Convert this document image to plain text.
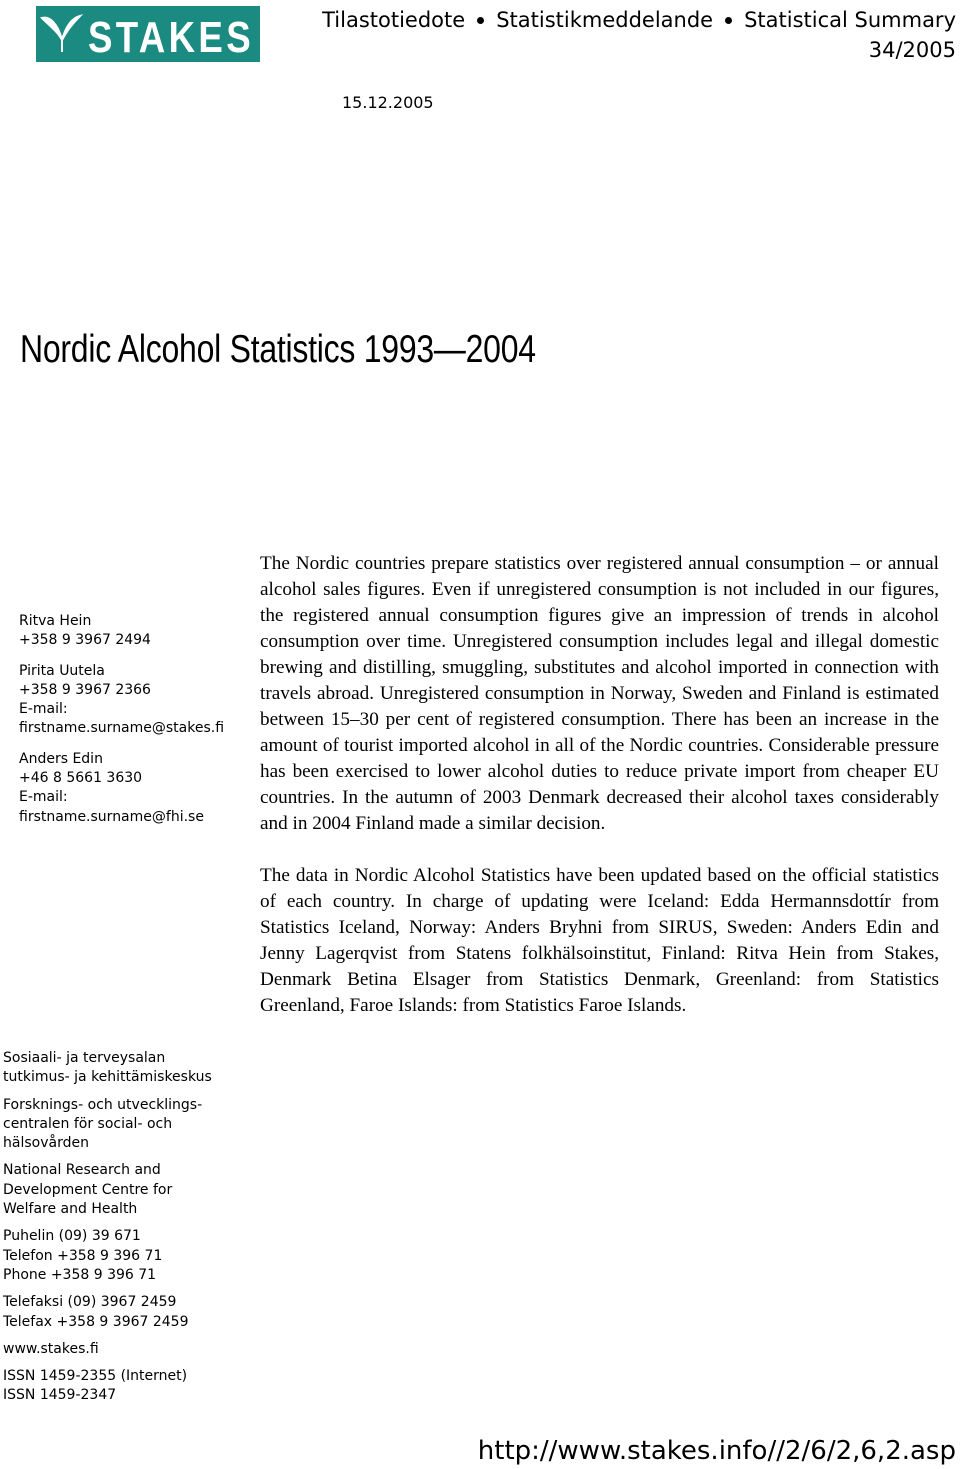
STAKES	Tilastotiedote Statistikmeddelande Statistical Summary
34/2005
15.12.2005
Nordic Alcohol Statistics 1993—2004
Ritva Hein
+358 9 3967 2494
Pirita Uutela
+358 9 3967 2366
E-mail:
firstname.surname@stakes.fi
Anders Edin
+46 8 5661 3630
E-mail:
firstname.surname@fhi.se
Sosiaali- ja terveysalan
tutkimus- ja kehittämiskeskus
Forsknings- och utvecklings-
centralen för social- och
hälsovården
National Research and
Development Centre for
Welfare and Health
Puhelin (09) 39 671
Telefon +358 9 396 71
Phone +358 9 396 71
Telefaksi (09) 3967 2459
Telefax +358 9 3967 2459
www.stakes.fi
ISSN 1459-2355 (Internet)
ISSN 1459-2347

The Nordic countries prepare statistics over registered annual consumption – or annual alcohol sales figures. Even if unregistered consumption is not included in our figures, the registered annual consumption figures give an impression of trends in alcohol consumption over time. Unregistered consumption includes legal and illegal domestic brewing and distilling, smuggling, substitutes and alcohol imported in connection with travels abroad. Unregistered consumption in Norway, Sweden and Finland is estimated between 15–30 per cent of registered consumption. There has been an increase in the amount of tourist imported alcohol in all of the Nordic countries. Considerable pressure has been exercised to lower alcohol duties to reduce private import from cheaper EU countries. In the autumn of 2003 Denmark decreased their alcohol taxes considerably and in 2004 Finland made a similar decision.

The data in Nordic Alcohol Statistics have been updated based on the official statistics of each country. In charge of updating were Iceland: Edda Hermannsdottír from Statistics Iceland, Norway: Anders Bryhni from SIRUS, Sweden: Anders Edin and Jenny Lagerqvist from Statens folkhälsoinstitut, Finland: Ritva Hein from Stakes, Denmark Betina Elsager from Statistics Denmark, Greenland: from Statistics Greenland, Faroe Islands: from Statistics Faroe Islands.

http://www.stakes.info//2/6/2,6,2.asp
